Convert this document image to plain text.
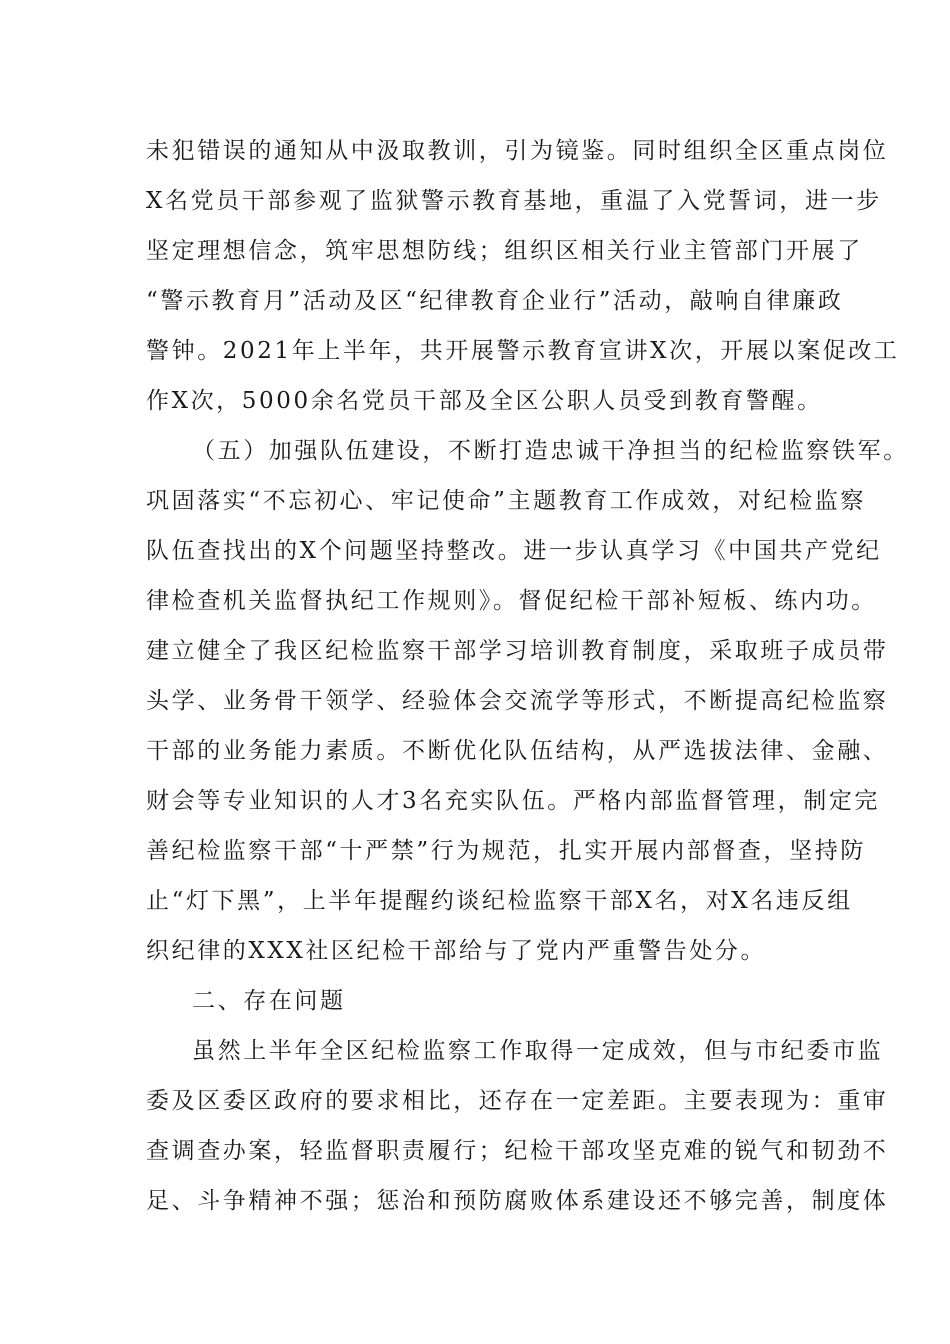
未犯错误的通知从中汲取教训，引为镜鉴。同时组织全区重点岗位
X名党员干部参观了监狱警示教育基地，重温了入党誓词，进一步
坚定理想信念，筑牢思想防线；组织区相关行业主管部门开展了
“警示教育月”活动及区“纪律教育企业行”活动，敲响自律廉政
警钟。2021年上半年，共开展警示教育宣讲X次，开展以案促改工
作X次，5000余名党员干部及全区公职人员受到教育警醒。
（五）加强队伍建设，不断打造忠诚干净担当的纪检监察铁军。
巩固落实“不忘初心、牢记使命”主题教育工作成效，对纪检监察
队伍查找出的X个问题坚持整改。进一步认真学习《中国共产党纪
律检查机关监督执纪工作规则》。督促纪检干部补短板、练内功。
建立健全了我区纪检监察干部学习培训教育制度，采取班子成员带
头学、业务骨干领学、经验体会交流学等形式，不断提高纪检监察
干部的业务能力素质。不断优化队伍结构，从严选拔法律、金融、
财会等专业知识的人才3名充实队伍。严格内部监督管理，制定完
善纪检监察干部“十严禁”行为规范，扎实开展内部督查，坚持防
止“灯下黑”，上半年提醒约谈纪检监察干部X名，对X名违反组
织纪律的XXX社区纪检干部给与了党内严重警告处分。
二、存在问题
虽然上半年全区纪检监察工作取得一定成效，但与市纪委市监
委及区委区政府的要求相比，还存在一定差距。主要表现为：重审
查调查办案，轻监督职责履行；纪检干部攻坚克难的锐气和韧劲不
足、斗争精神不强；惩治和预防腐败体系建设还不够完善，制度体
